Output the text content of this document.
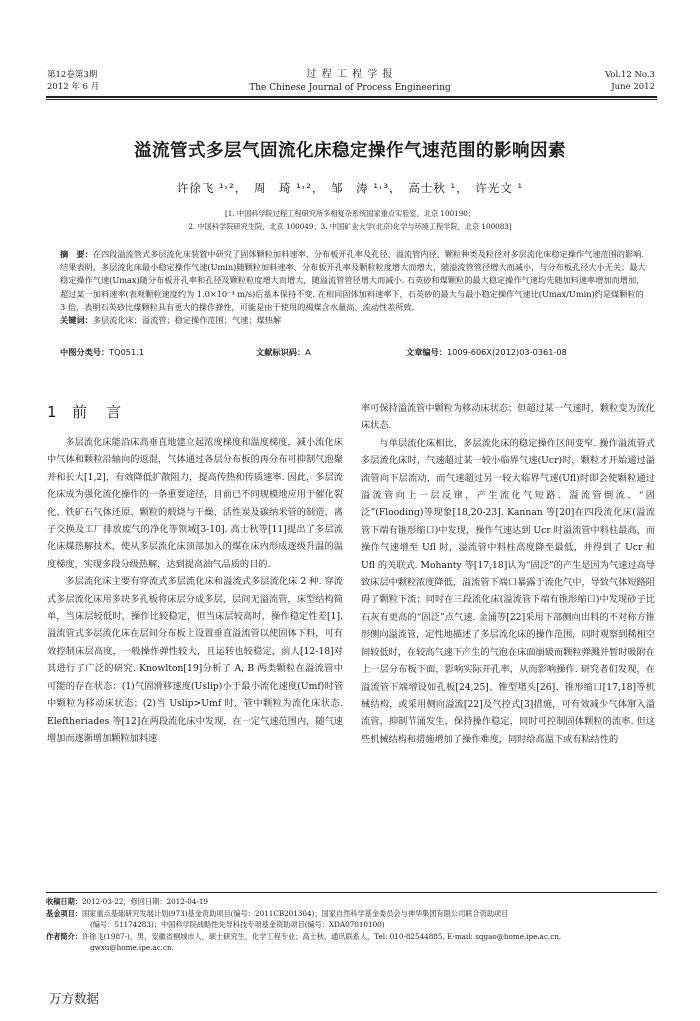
第12卷第3期
2012 年 6 月
过 程 工 程 学 报
The Chinese Journal of Process Engineering
Vol.12 No.3
June 2012
溢流管式多层气固流化床稳定操作气速范围的影响因素
许徐飞 ¹˒²，　周　琦 ¹˒²，　邹　涛 ¹˒³，　高士秋 ¹，　许光文 ¹
[1. 中国科学院过程工程研究所多相复杂系统国家重点实验室，北京 100190；
2. 中国科学院研究生院，北京 100049；3. 中国矿业大学(北京)化学与环境工程学院，北京 100083]
摘　要：在四段溢流管式多层流化床装置中研究了固体颗粒加料速率、分布板开孔率及孔径、溢流管内径、颗粒种类及粒径对多层流化床稳定操作气速范围的影响. 结果表明，多层流化床最小稳定操作气速(Umin)随颗粒加料速率、分布板开孔率及颗粒粒度增大而增大，随溢流管管径增大而减小，与分布板孔径大小无关；最大稳定操作气速(Umax)随分布板开孔率和孔径及颗粒粒度增大而增大，随溢流管管径增大而减小. 石英砂和煤颗粒的最大稳定操作气速均先随加料速率增加而增加，超过某一加料速率(表观颗粒速度约为 1.0×10⁻⁴ m/s)后基本保持不变. 在相同固体加料速率下，石英砂的最大与最小稳定操作气速比(Umax/Umin)约是煤颗粒的 3 倍，表明石英砂比煤颗粒具有更大的操作弹性，可能是由于使用的褐煤含水量高、流动性差所致.
关键词：多层流化床；溢流管；稳定操作范围；气速；煤热解
中图分类号：TQ051.1	文献标识码：A	文章编号：1009-606X(2012)03-0361-08
1 前　言

多层流化床能沿床高垂直地建立起浓度梯度和温度梯度，减小流化床中气体和颗粒沿轴向的返混，气体通过各层分布板的再分布可抑制气泡聚并和长大[1,2]，有效降低扩散阻力，提高传热和传质速率. 因此，多层流化床成为强化流化操作的一条重要途径，目前已不同规模地应用于催化裂化、铁矿石气体还原、颗粒的煅烧与干燥、活性炭及碳纳米管的制造、离子交换及工厂排放废气的净化等领域[3-10]. 高士秋等[11]提出了多层流化床煤热解技术，使从多层流化床顶部加入的煤在床内形成逐级升温的温度梯度，实现多段分级热解，达到提高油气品质的目的.

多层流化床主要有穿流式多层流化床和溢流式多层流化床 2 种. 穿流式多层流化床用多块多孔板将床层分成多层，层间无溢流管，床型结构简单，当床层较低时，操作比较稳定，但当床层较高时，操作稳定性差[1]. 溢流管式多层流化床在层间分布板上设置垂直溢流管以使固体下料，可有效控制床层高度，一般操作弹性较大，且运转也较稳定，前人[12-18]对其进行了广泛的研究. Knowlton[19]分析了 A, B 两类颗粒在溢流管中可能的存在状态：(1)气固滑移速度(Uslip)小于最小流化速度(Umf)时管中颗粒为移动床状态；(2)当 Uslip>Umf 时，管中颗粒为流化床状态. Eleftheriades 等[12]在两段流化床中发现，在一定气速范围内，随气速增加而逐渐增加颗粒加料速

率可保持溢流管中颗粒为移动床状态；但超过某一气速时，颗粒变为流化床状态.

与单层流化床相比，多层流化床的稳定操作区间变窄. 操作溢流管式多层流化床时，气速超过某一较小临界气速(Ucr)时，颗粒才开始通过溢流管向下层流动，而气速超过另一较大临界气速(Ufl)时即会使颗粒通过溢流管向上一层反窜，产生流化气短路、溢流管倒流、“固泛”(Flooding)等现象[18,20-23]. Kannan 等[20]在四段流化床(溢流管下端有锥形缩口)中发现，操作气速达到 Ucr 时溢流管中料柱最高，而操作气速增至 Ufl 时，溢流管中料柱高度降至最低，并得到了 Ucr 和 Ufl 的关联式. Mohanty 等[17,18]认为“固泛”的产生是因为气速过高导致床层中颗粒浓度降低，溢流管下端口暴露于流化气中，导致气体短路阻碍了颗粒下流；同时在三段流化床(溢流管下端有锥形缩口)中发现砂子比石灰有更高的“固泛”点气速. 金涌等[22]采用下部侧向出料的不对称方锥形侧向溢流管，定性地描述了多层流化床的操作范围，同时观察到稀相空间较低时，在较高气速下产生的气泡在床面崩破而颗粒弹溅并暂时吸附在上一层分布板下面，影响实际开孔率，从而影响操作. 研究者们发现，在溢流管下端增设如孔板[24,25]、锥型堵头[26]、锥形缩口[17,18]等机械结构，或采用侧向溢流[22]及气控式[3]措施，可有效减少气体窜入溢流管，抑制节涌发生，保持操作稳定，同时可控制固体颗粒的流率. 但这些机械结构和措施增加了操作难度，同时给高温下或有粘结性的

收稿日期：2012-03-22，修回日期：2012-04-19
基金项目：国家重点基础研究发展计划(973)基金资助项目(编号：2011CB201304)；国家自然科学基金委员会与神华集团有限公司联合资助项目
(编号：51174283)；中国科学院战略性先导科技专项基金资助项目(编号：XDA07010100)
作者简介：许徐飞(1987-)，男，安徽省桐城市人，硕士研究生，化学工程专业；高士秋，通讯联系人，Tel: 010-82544885, E-mail: sqgao@home.ipe.ac.cn,
gwxu@home.ipe.ac.cn.
万方数据
